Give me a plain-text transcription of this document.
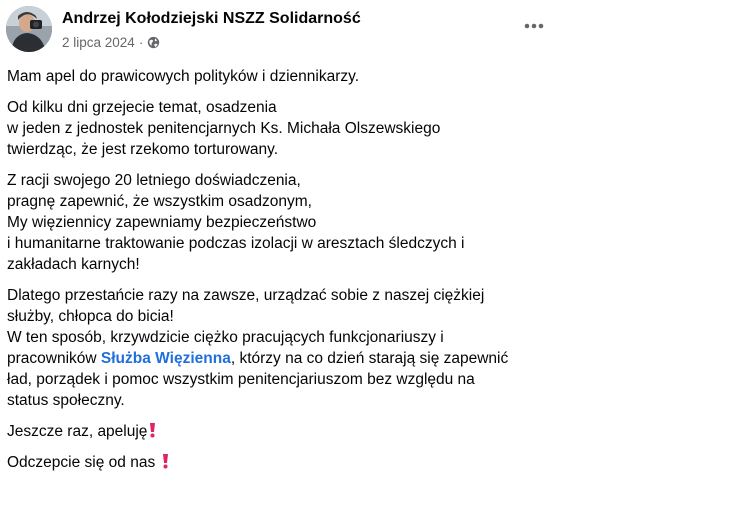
Andrzej Kołodziejski NSZZ Solidarność
2 lipca 2024 ·
Mam apel do prawicowych polityków i dziennikarzy.
Od kilku dni grzejecie temat, osadzenia
w jeden z jednostek penitencjarnych Ks. Michała Olszewskiego
twierdząc, że jest rzekomo torturowany.
Z racji swojego 20 letniego doświadczenia,
pragnę zapewnić, że wszystkim osadzonym,
My więziennicy zapewniamy bezpieczeństwo
i humanitarne traktowanie podczas izolacji w aresztach śledczych i
zakładach karnych!
Dlatego przestańcie razy na zawsze, urządzać sobie z naszej ciężkiej
służby, chłopca do bicia!
W ten sposób, krzywdzicie ciężko pracujących funkcjonariuszy i
pracowników Służba Więzienna, którzy na co dzień starają się zapewnić
ład, porządek i pomoc wszystkim penitencjariuszom bez względu na
status społeczny.
Jeszcze raz, apeluję
Odczepcie się od nas
